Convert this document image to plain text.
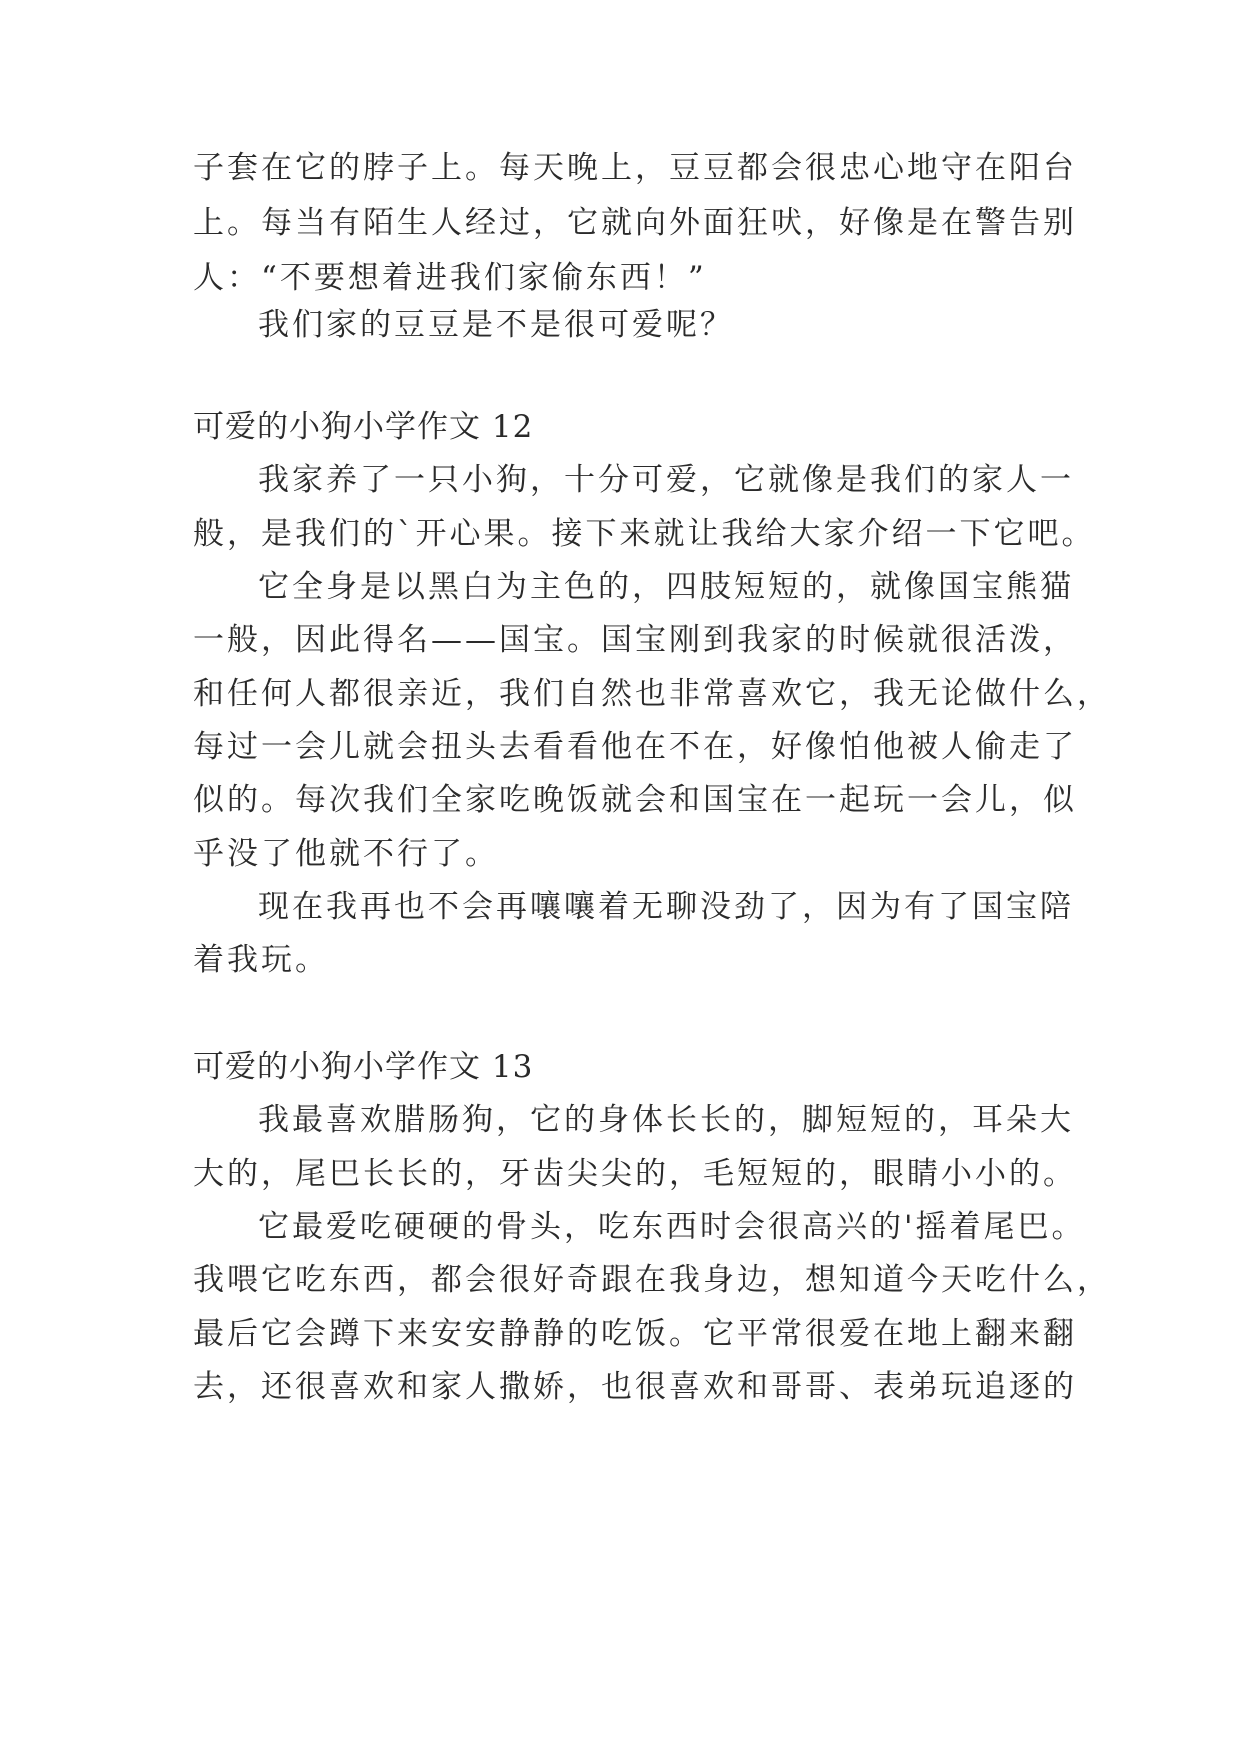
子套在它的脖子上。每天晚上，豆豆都会很忠心地守在阳台

上。每当有陌生人经过，它就向外面狂吠，好像是在警告别

人：“不要想着进我们家偷东西！”

我们家的豆豆是不是很可爱呢？

可爱的小狗小学作文 12

我家养了一只小狗，十分可爱，它就像是我们的家人一

般，是我们的`开心果。接下来就让我给大家介绍一下它吧。

它全身是以黑白为主色的，四肢短短的，就像国宝熊猫

一般，因此得名——国宝。国宝刚到我家的时候就很活泼，

和任何人都很亲近，我们自然也非常喜欢它，我无论做什么，

每过一会儿就会扭头去看看他在不在，好像怕他被人偷走了

似的。每次我们全家吃晚饭就会和国宝在一起玩一会儿，似

乎没了他就不行了。

现在我再也不会再嚷嚷着无聊没劲了，因为有了国宝陪

着我玩。

可爱的小狗小学作文 13

我最喜欢腊肠狗，它的身体长长的，脚短短的，耳朵大

大的，尾巴长长的，牙齿尖尖的，毛短短的，眼睛小小的。

它最爱吃硬硬的骨头，吃东西时会很高兴的'摇着尾巴。

我喂它吃东西，都会很好奇跟在我身边，想知道今天吃什么，

最后它会蹲下来安安静静的吃饭。它平常很爱在地上翻来翻

去，还很喜欢和家人撒娇，也很喜欢和哥哥、表弟玩追逐的
